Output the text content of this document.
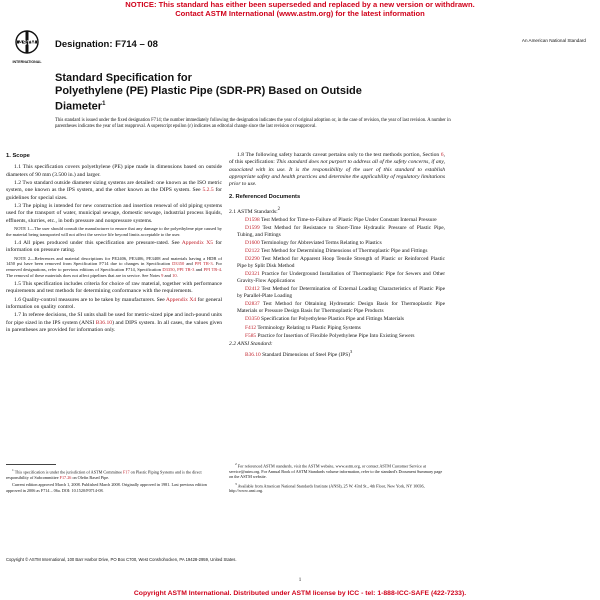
NOTICE: This standard has either been superseded and replaced by a new version or withdrawn.
Contact ASTM International (www.astm.org) for the latest information
ASTM
INTERNATIONAL
Designation: F714 – 08	An American National Standard
Standard Specification for
Polyethylene (PE) Plastic Pipe (SDR-PR) Based on Outside
Diameter$^1$
This standard is issued under the fixed designation F714; the number immediately following the designation indicates the year of original adoption or, in the case of revision, the year of last revision. A number in parentheses indicates the year of last reapproval. A superscript epsilon (ε) indicates an editorial change since the last revision or reapproval.
1. Scope

1.1 This specification covers polyethylene (PE) pipe made in dimensions based on outside diameters of 90 mm (3.500 in.) and larger.

1.2 Two standard outside diameter sizing systems are detailed: one known as the ISO metric system, one known as the IPS system, and the other known as the DIPS system. See 5.2.5 for guidelines for special sizes.

1.3 The piping is intended for new construction and insertion renewal of old piping systems used for the transport of water, municipal sewage, domestic sewage, industrial process liquids, effluents, slurries, etc., in both pressure and nonpressure systems.

NOTE 1—The user should consult the manufacturer to ensure that any damage to the polyethylene pipe caused by the material being transported will not affect the service life beyond limits acceptable to the user.

1.4 All pipes produced under this specification are pressure-rated. See Appendix X5 for information on pressure rating.

NOTE 2—References and material descriptions for PE2406, PE3406, PE3408 and materials having a HDB of 1450 psi have been removed from Specification F714 due to changes in Specification D3350 and PPI TR-3. For removed designations, refer to previous editions of Specification F714, Specification D3350, PPI TR-3 and PPI TR-4. The removal of these materials does not affect pipelines that are in service. See Notes 9 and 10.

1.5 This specification includes criteria for choice of raw material, together with performance requirements and test methods for determining conformance with the requirements.

1.6 Quality-control measures are to be taken by manufacturers. See Appendix X4 for general information on quality control.

1.7 In referee decisions, the SI units shall be used for metric-sized pipe and inch-pound units for pipe sized in the IPS system (ANSI B36.10) and DIPS system. In all cases, the values given in parentheses are provided for information only.

1.8 The following safety hazards caveat pertains only to the test methods portion, Section 6, of this specification: This standard does not purport to address all of the safety concerns, if any, associated with its use. It is the responsibility of the user of this standard to establish appropriate safety and health practices and determine the applicability of regulatory limitations prior to use.

2. Referenced Documents

2.1 ASTM Standards:$^2$

D1598 Test Method for Time-to-Failure of Plastic Pipe Under Constant Internal Pressure

D1599 Test Method for Resistance to Short-Time Hydraulic Pressure of Plastic Pipe, Tubing, and Fittings

D1600 Terminology for Abbreviated Terms Relating to Plastics

D2122 Test Method for Determining Dimensions of Thermoplastic Pipe and Fittings

D2290 Test Method for Apparent Hoop Tensile Strength of Plastic or Reinforced Plastic Pipe by Split Disk Method

D2321 Practice for Underground Installation of Thermoplastic Pipe for Sewers and Other Gravity-Flow Applications

D2412 Test Method for Determination of External Loading Characteristics of Plastic Pipe by Parallel-Plate Loading

D2837 Test Method for Obtaining Hydrostatic Design Basis for Thermoplastic Pipe Materials or Pressure Design Basis for Thermoplastic Pipe Products

D3350 Specification for Polyethylene Plastics Pipe and Fittings Materials

F412 Terminology Relating to Plastic Piping Systems

F585 Practice for Insertion of Flexible Polyethylene Pipe Into Existing Sewers

2.2 ANSI Standard:

B36.10 Standard Dimensions of Steel Pipe (IPS)$^3$

$^1$ This specification is under the jurisdiction of ASTM Committee F17 on Plastic Piping Systems and is the direct responsibility of Subcommittee F17.26 on Olefin Based Pipe.

Current edition approved March 1, 2008. Published March 2008. Originally approved in 1981. Last previous edition approved in 2006 as F714 – 06a. DOI: 10.1520/F0714-08.

$^2$ For referenced ASTM standards, visit the ASTM website, www.astm.org, or contact ASTM Customer Service at service@astm.org. For Annual Book of ASTM Standards volume information, refer to the standard's Document Summary page on the ASTM website.

$^3$ Available from American National Standards Institute (ANSI), 25 W. 43rd St., 4th Floor, New York, NY 10036, http://www.ansi.org.

Copyright © ASTM International, 100 Barr Harbor Drive, PO Box C700, West Conshohocken, PA 19428-2959, United States.
1
Copyright ASTM International. Distributed under ASTM license by ICC - tel: 1-888-ICC-SAFE (422-7233).
